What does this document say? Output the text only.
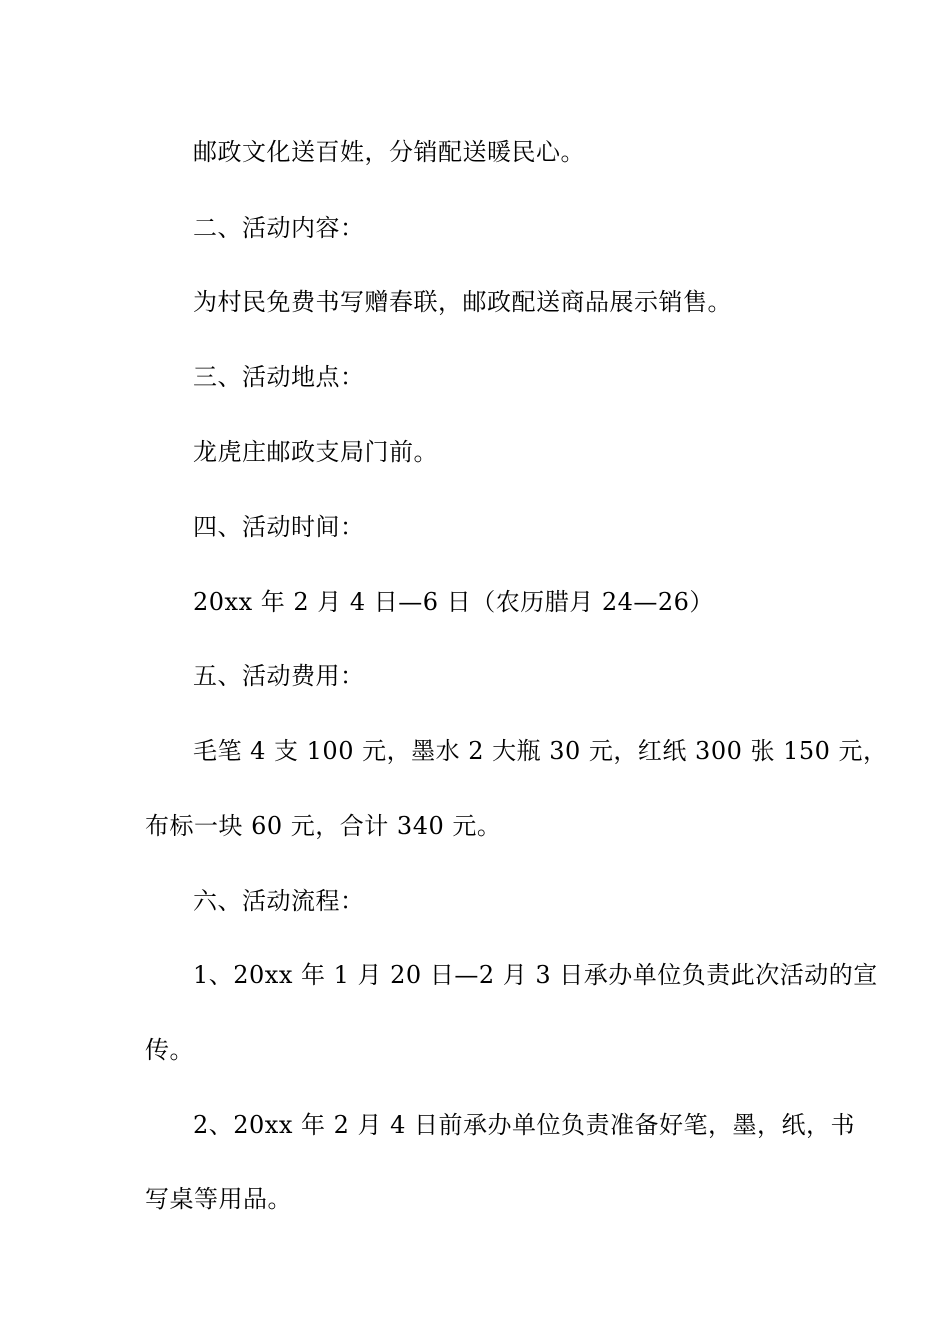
邮政文化送百姓，分销配送暖民心。
二、活动内容：
为村民免费书写赠春联，邮政配送商品展示销售。
三、活动地点：
龙虎庄邮政支局门前。
四、活动时间：
20xx 年 2 月 4 日—6 日（农历腊月 24—26）
五、活动费用：
毛笔 4 支 100 元，墨水 2 大瓶 30 元，红纸 300 张 150 元，
布标一块 60 元，合计 340 元。
六、活动流程：
1、20xx 年 1 月 20 日—2 月 3 日承办单位负责此次活动的宣
传。
2、20xx 年 2 月 4 日前承办单位负责准备好笔，墨，纸，书
写桌等用品。
